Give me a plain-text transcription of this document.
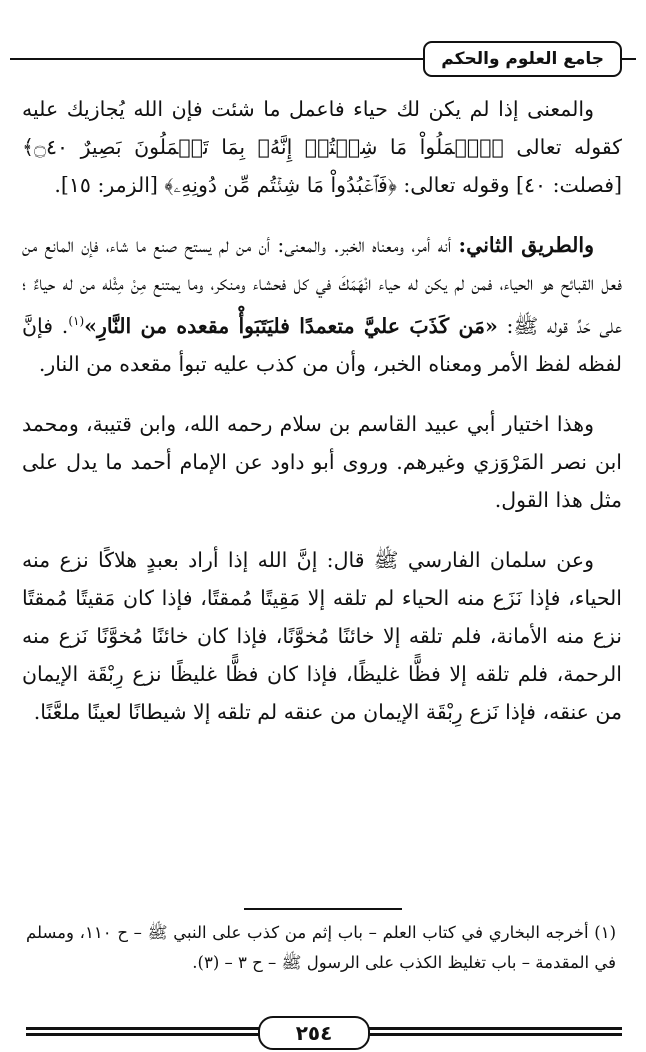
جامع العلوم والحكم

والمعنى إذا لم يكن لك حياء فاعمل ما شئت فإن الله يُجازيك عليه كقوله تعالى ﴿ٱعۡمَلُواْ مَا شِئۡتُمۡ إِنَّهُۥ بِمَا تَعۡمَلُونَ بَصِيرٌ ۝٤٠﴾ [فصلت: ٤٠] وقوله تعالى: ﴿فَٱعۡبُدُواْ مَا شِئۡتُم مِّن دُونِهِۦ﴾ [الزمر: ١٥].

والطريق الثاني: أنه أمر، ومعناه الخبر. والمعنى: أن من لم يستح صنع ما شاء، فإن المانع من فعل القبائح هو الحياء، فمن لم يكن له حياء انْهَمَكَ في كل فحشاء ومنكر، وما يمتنع مِنْ مِثْله من له حياءٌ ؛ على حَدِّ قوله ﷺ: «مَن كَذَبَ عليَّ متعمدًا فليَتَبَوأْ مقعده من النَّارِ»$^{(١)}$. فإنَّ لفظه لفظ الأمر ومعناه الخبر، وأن من كذب عليه تبوأ مقعده من النار.

وهذا اختيار أبي عبيد القاسم بن سلام رحمه الله، وابن قتيبة، ومحمد ابن نصر المَرْوَزي وغيرهم. وروى أبو داود عن الإمام أحمد ما يدل على مثل هذا القول.

وعن سلمان الفارسي ﷺ قال: إنَّ الله إذا أراد بعبدٍ هلاكًا نزع منه الحياء، فإذا نَزَع منه الحياء لم تلقه إلا مَقِيتًا مُمقتًا، فإذا كان مَقيتًا مُمقتًا نزع منه الأمانة، فلم تلقه إلا خائنًا مُخوَّنًا، فإذا كان خائنًا مُخوَّنًا نَزع منه الرحمة، فلم تلقه إلا فظًّا غليظًا، فإذا كان فظًّا غليظًا نزع رِبْقَة الإيمان من عنقه، فإذا نَزع رِبْقَة الإيمان من عنقه لم تلقه إلا شيطانًا لعينًا ملعَّنًا.

(١) أخرجه البخاري في كتاب العلم – باب إثم من كذب على النبي ﷺ – ح ١١٠، ومسلم في المقدمة – باب تغليظ الكذب على الرسول ﷺ – ح ٣ – (٣).
٢٥٤
